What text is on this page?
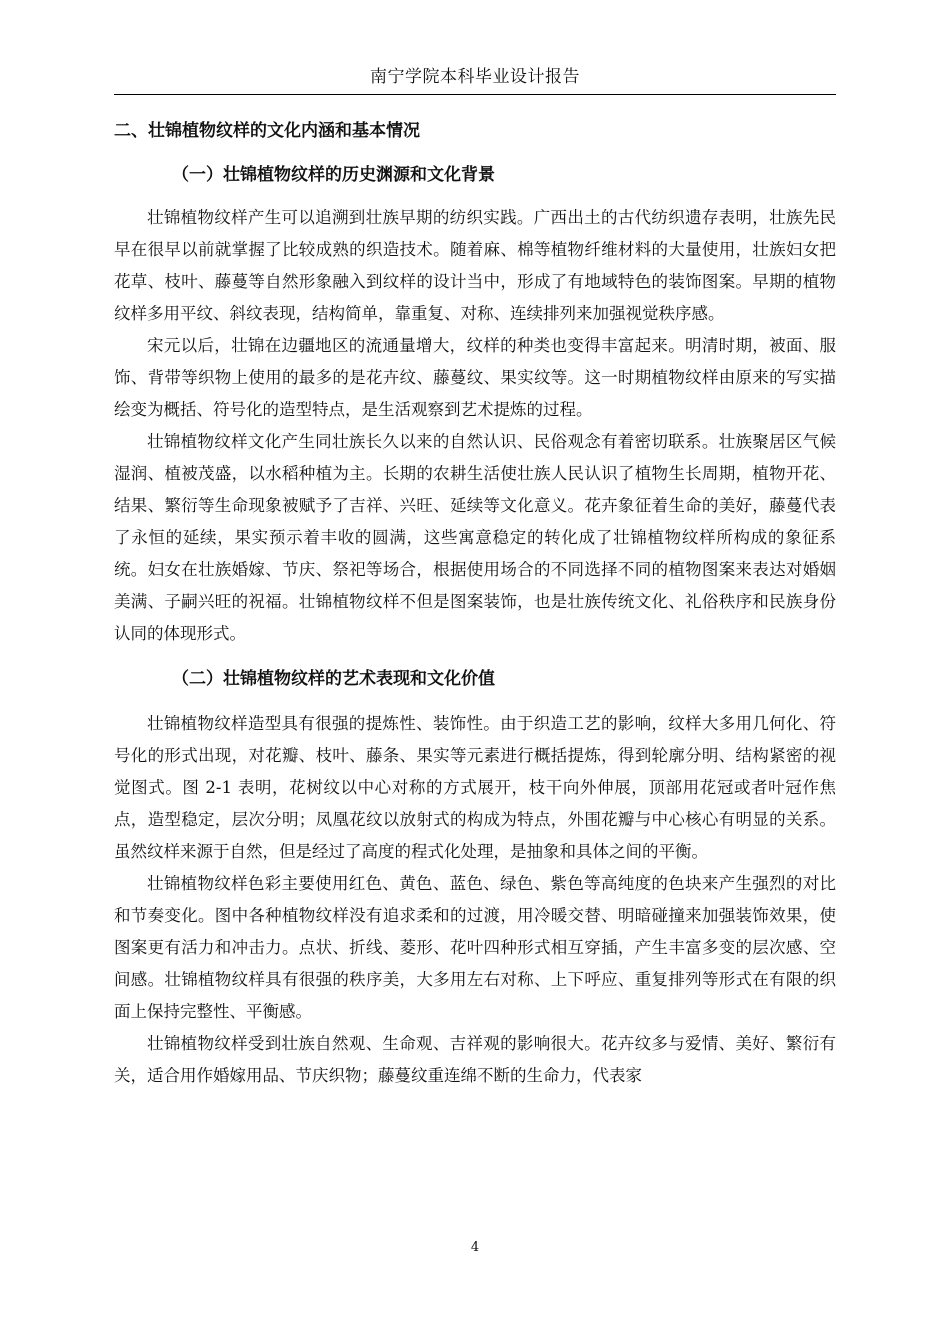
南宁学院本科毕业设计报告
二、壮锦植物纹样的文化内涵和基本情况
（一）壮锦植物纹样的历史渊源和文化背景

壮锦植物纹样产生可以追溯到壮族早期的纺织实践。广西出土的古代纺织遗存表明，壮族先民早在很早以前就掌握了比较成熟的织造技术。随着麻、棉等植物纤维材料的大量使用，壮族妇女把花草、枝叶、藤蔓等自然形象融入到纹样的设计当中，形成了有地域特色的装饰图案。早期的植物纹样多用平纹、斜纹表现，结构简单，靠重复、对称、连续排列来加强视觉秩序感。

宋元以后，壮锦在边疆地区的流通量增大，纹样的种类也变得丰富起来。明清时期，被面、服饰、背带等织物上使用的最多的是花卉纹、藤蔓纹、果实纹等。这一时期植物纹样由原来的写实描绘变为概括、符号化的造型特点，是生活观察到艺术提炼的过程。

壮锦植物纹样文化产生同壮族长久以来的自然认识、民俗观念有着密切联系。壮族聚居区气候湿润、植被茂盛，以水稻种植为主。长期的农耕生活使壮族人民认识了植物生长周期，植物开花、结果、繁衍等生命现象被赋予了吉祥、兴旺、延续等文化意义。花卉象征着生命的美好，藤蔓代表了永恒的延续，果实预示着丰收的圆满，这些寓意稳定的转化成了壮锦植物纹样所构成的象征系统。妇女在壮族婚嫁、节庆、祭祀等场合，根据使用场合的不同选择不同的植物图案来表达对婚姻美满、子嗣兴旺的祝福。壮锦植物纹样不但是图案装饰，也是壮族传统文化、礼俗秩序和民族身份认同的体现形式。

（二）壮锦植物纹样的艺术表现和文化价值

壮锦植物纹样造型具有很强的提炼性、装饰性。由于织造工艺的影响，纹样大多用几何化、符号化的形式出现，对花瓣、枝叶、藤条、果实等元素进行概括提炼，得到轮廓分明、结构紧密的视觉图式。图 2-1 表明，花树纹以中心对称的方式展开，枝干向外伸展，顶部用花冠或者叶冠作焦点，造型稳定，层次分明；凤凰花纹以放射式的构成为特点，外围花瓣与中心核心有明显的关系。虽然纹样来源于自然，但是经过了高度的程式化处理，是抽象和具体之间的平衡。

壮锦植物纹样色彩主要使用红色、黄色、蓝色、绿色、紫色等高纯度的色块来产生强烈的对比和节奏变化。图中各种植物纹样没有追求柔和的过渡，用冷暖交替、明暗碰撞来加强装饰效果，使图案更有活力和冲击力。点状、折线、菱形、花叶四种形式相互穿插，产生丰富多变的层次感、空间感。壮锦植物纹样具有很强的秩序美，大多用左右对称、上下呼应、重复排列等形式在有限的织面上保持完整性、平衡感。

壮锦植物纹样受到壮族自然观、生命观、吉祥观的影响很大。花卉纹多与爱情、美好、繁衍有关，适合用作婚嫁用品、节庆织物；藤蔓纹重连绵不断的生命力，代表家

4
